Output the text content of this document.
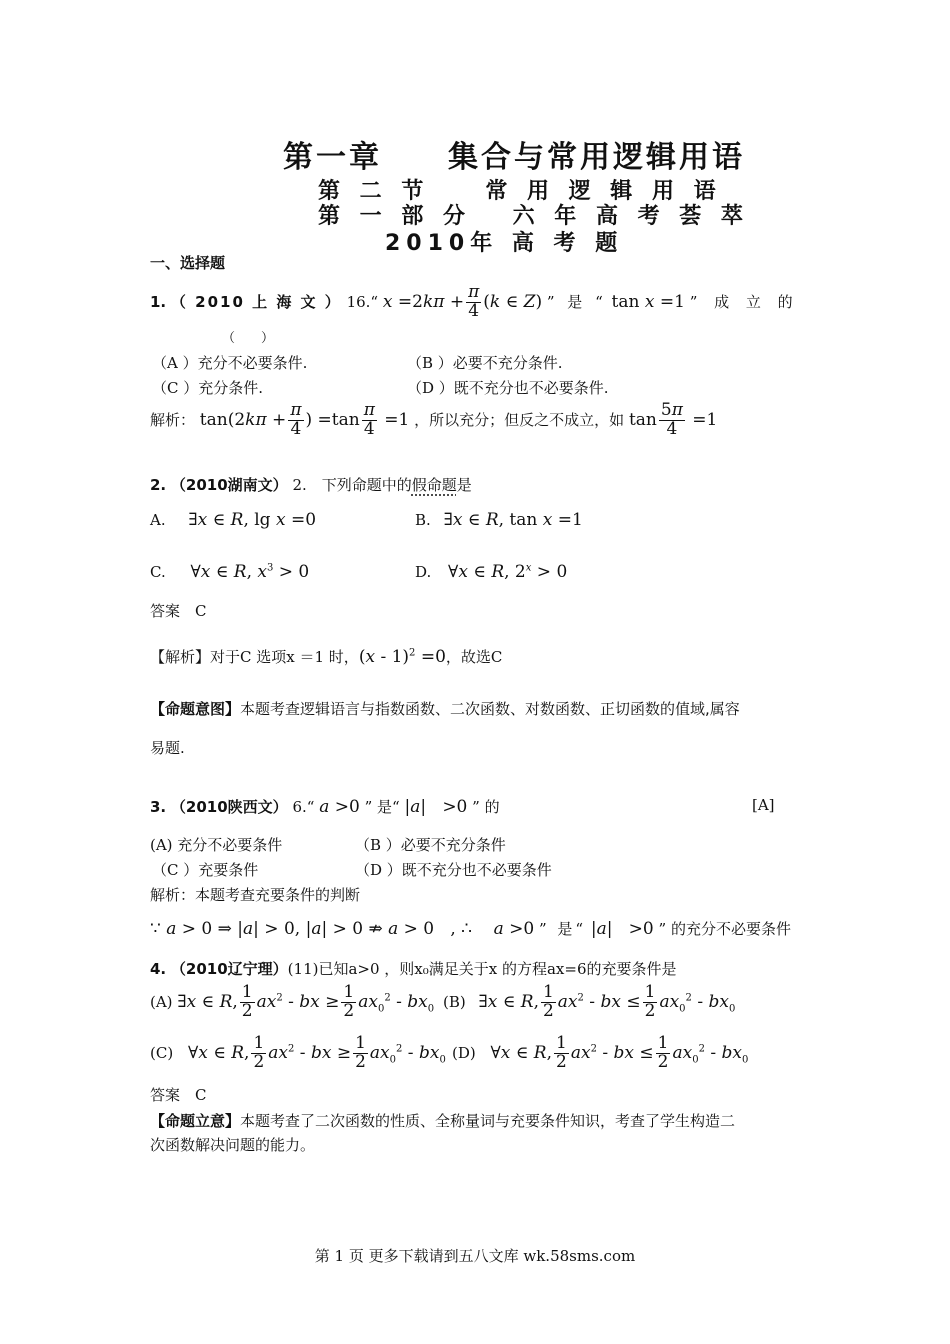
第一章　　集合与常用逻辑用语
第 二 节　　常 用 逻 辑 用 语
第 一 部 分　 六 年 高 考 荟 萃
2010年 高 考 题
一、选择题
1. （ 2010 上 海 文 ） 16.“ $x =2k\pi + \frac{\pi}{4} (k$ ∈ Z) ” 是 “ tan x =1 ” 成 立 的
（　　）
（A ）充分不必要条件.	（B ）必要不充分条件.
（C ）充分条件.	（D ）既不充分也不必要条件.
解析： $\tan(2k\pi + \frac{\pi}{4}$ ) $=\tan \frac{\pi}{4} =1$ ，所以充分；但反之不成立，如 $\tan \frac{5\pi}{4} =1$
2. （2010湖南文） 2.　下列命题中的假命题是
A. ∃x ∈ R, lg x =0	B. ∃x ∈ R, tan x =1
C. ∀x ∈ R, $x^3 > 0$	D. ∀x ∈ R, $2^x > 0$
答案　C
【解析】对于C 选项x ＝1 时，(x - 1)$^2$ =0，故选C
【命题意图】本题考查逻辑语言与指数函数、二次函数、对数函数、正切函数的值域,属容
易题.
3. （2010陕西文） 6.“ a >0 ” 是“ |a|   >0 ” 的	[A]
(A) 充分不必要条件	（B ）必要不充分条件
（C ）充要条件	（D ）既不充分也不必要条件
解析：本题考查充要条件的判断
∵ a > 0 ⇒ |a| > 0, |a| > 0 ⇏ a > 0   , ∴    a >0 ” 是“ |a|   >0 ” 的充分不必要条件
4. （2010辽宁理）(11)已知a>0 ，则x₀满足关于x 的方程ax=6的充要条件是
(A) ∃x ∈ R, $\frac{1}{2} ax^2$ - bx ≥ $\frac{1}{2} ax_0^2 - bx_0$ (B) ∃x ∈ R, $\frac{1}{2} ax^2$ - bx ≤ $\frac{1}{2} ax_0^2 - bx_0$
(C) ∀x ∈ R, $\frac{1}{2} ax^2$ - bx ≥ $\frac{1}{2} ax_0^2 - bx_0$ (D) ∀x ∈ R, $\frac{1}{2} ax^2$ - bx ≤ $\frac{1}{2} ax_0^2 - bx_0$
答案　C
【命题立意】本题考查了二次函数的性质、全称量词与充要条件知识，考查了学生构造二
次函数解决问题的能力。
第 1 页 更多下载请到五八文库 wk.58sms.com
